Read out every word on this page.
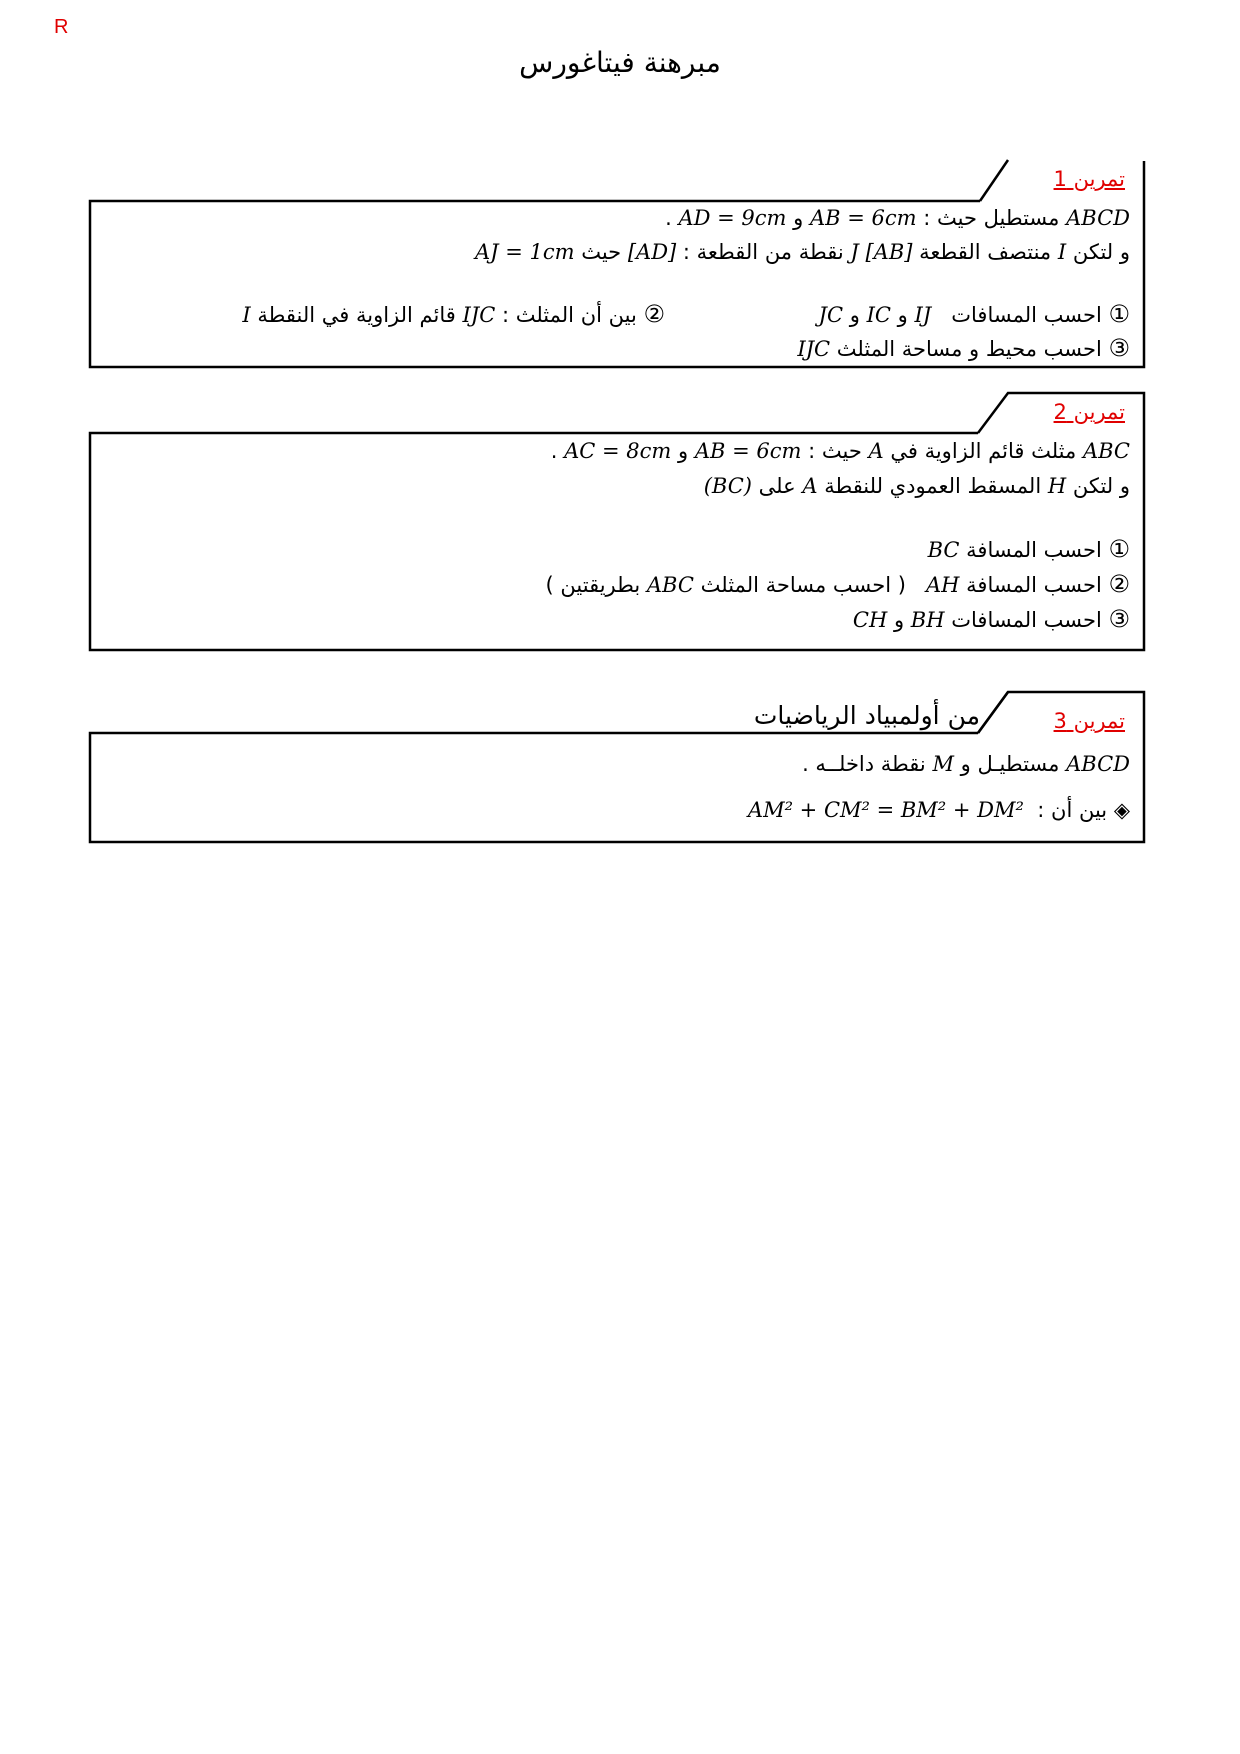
R
مبرهنة فيتاغورس
تمرين 1
ABCD مستطيل حيث : AB = 6cm و AD = 9cm .
و لتكن I منتصف القطعة [AB] J نقطة من القطعة : [AD] حيث AJ = 1cm
① احسب المسافات   IJ و IC و JC
② بين أن المثلث : IJC قائم الزاوية في النقطة I
③ احسب محيط و مساحة المثلث IJC
تمرين 2
ABC مثلث قائم الزاوية في A حيث : AB = 6cm و AC = 8cm .
و لتكن H المسقط العمودي للنقطة A على (BC)
① احسب المسافة BC
② احسب المسافة AH   ( احسب مساحة المثلث ABC بطريقتين )
③ احسب المسافات BH و CH
تمرين 3
من أولمبياد الرياضيات
ABCD مستطيـل و M نقطة داخلــه .
◈ بين أن :  AM² + CM² = BM² + DM²
